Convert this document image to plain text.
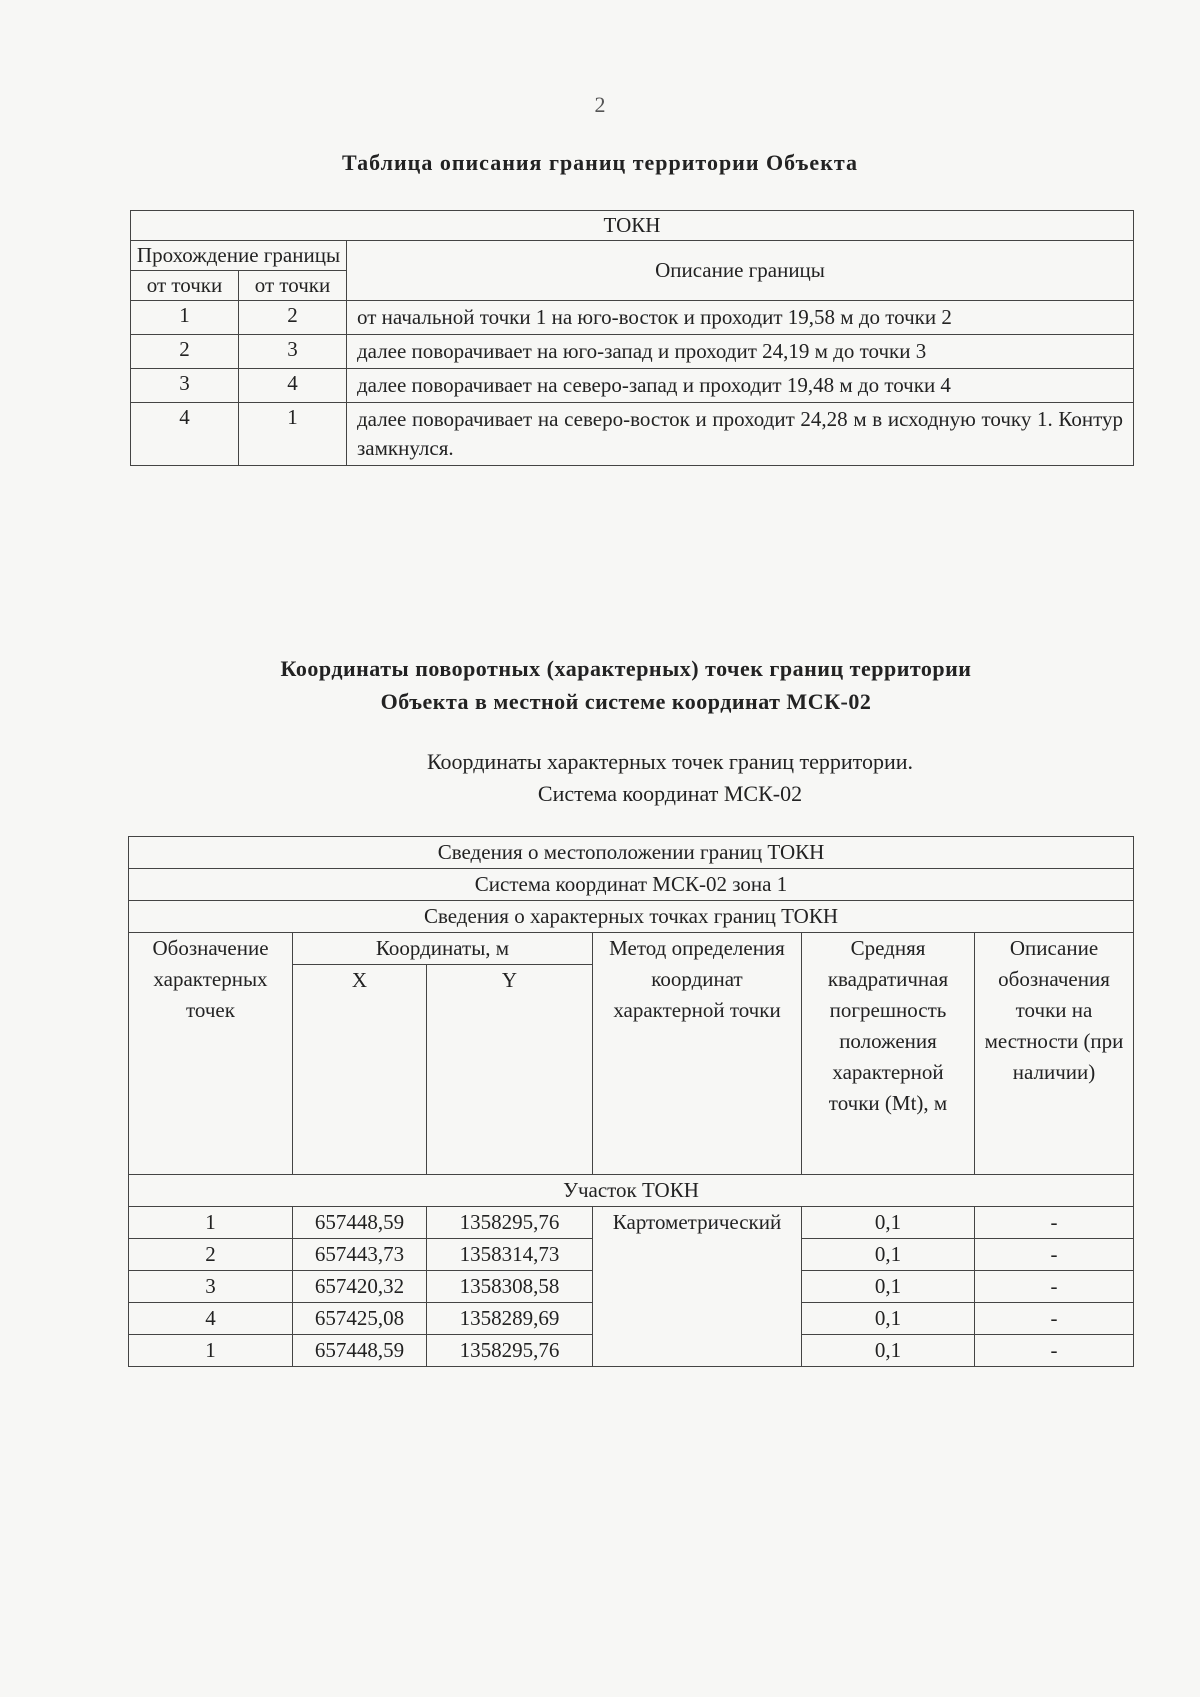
2
Таблица описания границ территории Объекта
ТОКН		
Прохождение границы		Описание границы
от точки	от точки	
1	2	от начальной точки 1 на юго-восток и проходит 19,58 м до точки 2
2	3	далее поворачивает на юго-запад и проходит 24,19 м до точки 3
3	4	далее поворачивает на северо-запад и проходит 19,48 м до точки 4
4	1	далее поворачивает на северо-восток и проходит 24,28 м в исходную точку 1. Контур замкнулся.
Координаты поворотных (характерных) точек границ территории
Объекта в местной системе координат МСК-02
Координаты характерных точек границ территории.
Система координат МСК-02
Сведения о местоположении границ ТОКН					
Система координат МСК-02 зона 1					
Сведения о характерных точках границ ТОКН					
Обозначение характерных точек	Координаты, м		Метод определения координат характерной точки	Средняя квадратичная погрешность положения характерной точки (Mt), м	Описание обозначения точки на местности (при наличии)
	X	Y			
Участок ТОКН					
1	657448,59	1358295,76	Картометрический	0,1	-
2	657443,73	1358314,73		0,1	-
3	657420,32	1358308,58		0,1	-
4	657425,08	1358289,69		0,1	-
1	657448,59	1358295,76		0,1	-
